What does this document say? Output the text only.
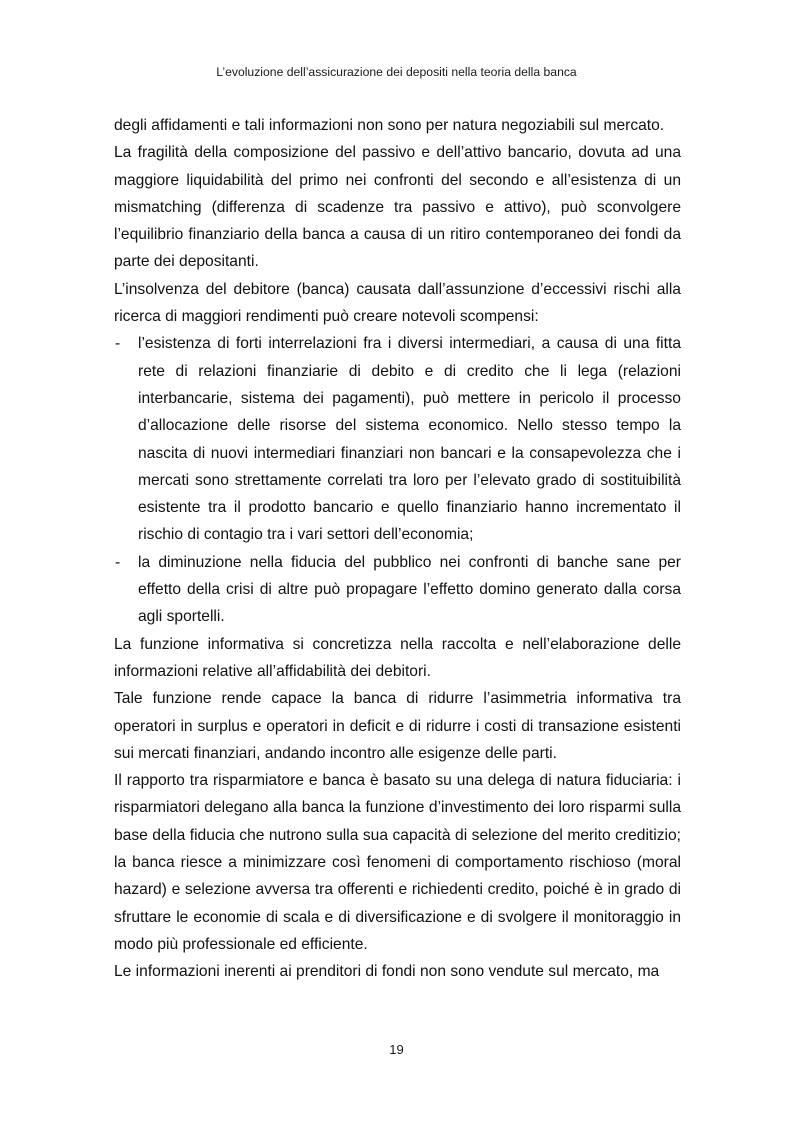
L’evoluzione dell’assicurazione dei depositi nella teoria della banca

degli affidamenti e tali informazioni non sono per natura negoziabili sul mercato.

La fragilità della composizione del passivo e dell’attivo bancario, dovuta ad una maggiore liquidabilità del primo nei confronti del secondo e all’esistenza di un mismatching (differenza di scadenze tra passivo e attivo), può sconvolgere l’equilibrio finanziario della banca a causa di un ritiro contemporaneo dei fondi da parte dei depositanti.

L’insolvenza del debitore (banca) causata dall’assunzione d’eccessivi rischi alla ricerca di maggiori rendimenti può creare notevoli scompensi:

- l’esistenza di forti interrelazioni fra i diversi intermediari, a causa di una fitta rete di relazioni finanziarie di debito e di credito che li lega (relazioni interbancarie, sistema dei pagamenti), può mettere in pericolo il processo d’allocazione delle risorse del sistema economico. Nello stesso tempo la nascita di nuovi intermediari finanziari non bancari e la consapevolezza che i mercati sono strettamente correlati tra loro per l’elevato grado di sostituibilità esistente tra il prodotto bancario e quello finanziario hanno incrementato il rischio di contagio tra i vari settori dell’economia;
- la diminuzione nella fiducia del pubblico nei confronti di banche sane per effetto della crisi di altre può propagare l’effetto domino generato dalla corsa agli sportelli.

La funzione informativa si concretizza nella raccolta e nell’elaborazione delle informazioni relative all’affidabilità dei debitori.

Tale funzione rende capace la banca di ridurre l’asimmetria informativa tra operatori in surplus e operatori in deficit e di ridurre i costi di transazione esistenti sui mercati finanziari, andando incontro alle esigenze delle parti.

Il rapporto tra risparmiatore e banca è basato su una delega di natura fiduciaria: i risparmiatori delegano alla banca la funzione d’investimento dei loro risparmi sulla base della fiducia che nutrono sulla sua capacità di selezione del merito creditizio; la banca riesce a minimizzare così fenomeni di comportamento rischioso (moral hazard) e selezione avversa tra offerenti e richiedenti credito, poiché è in grado di sfruttare le economie di scala e di diversificazione e di svolgere il monitoraggio in modo più professionale ed efficiente.

Le informazioni inerenti ai prenditori di fondi non sono vendute sul mercato, ma

19
